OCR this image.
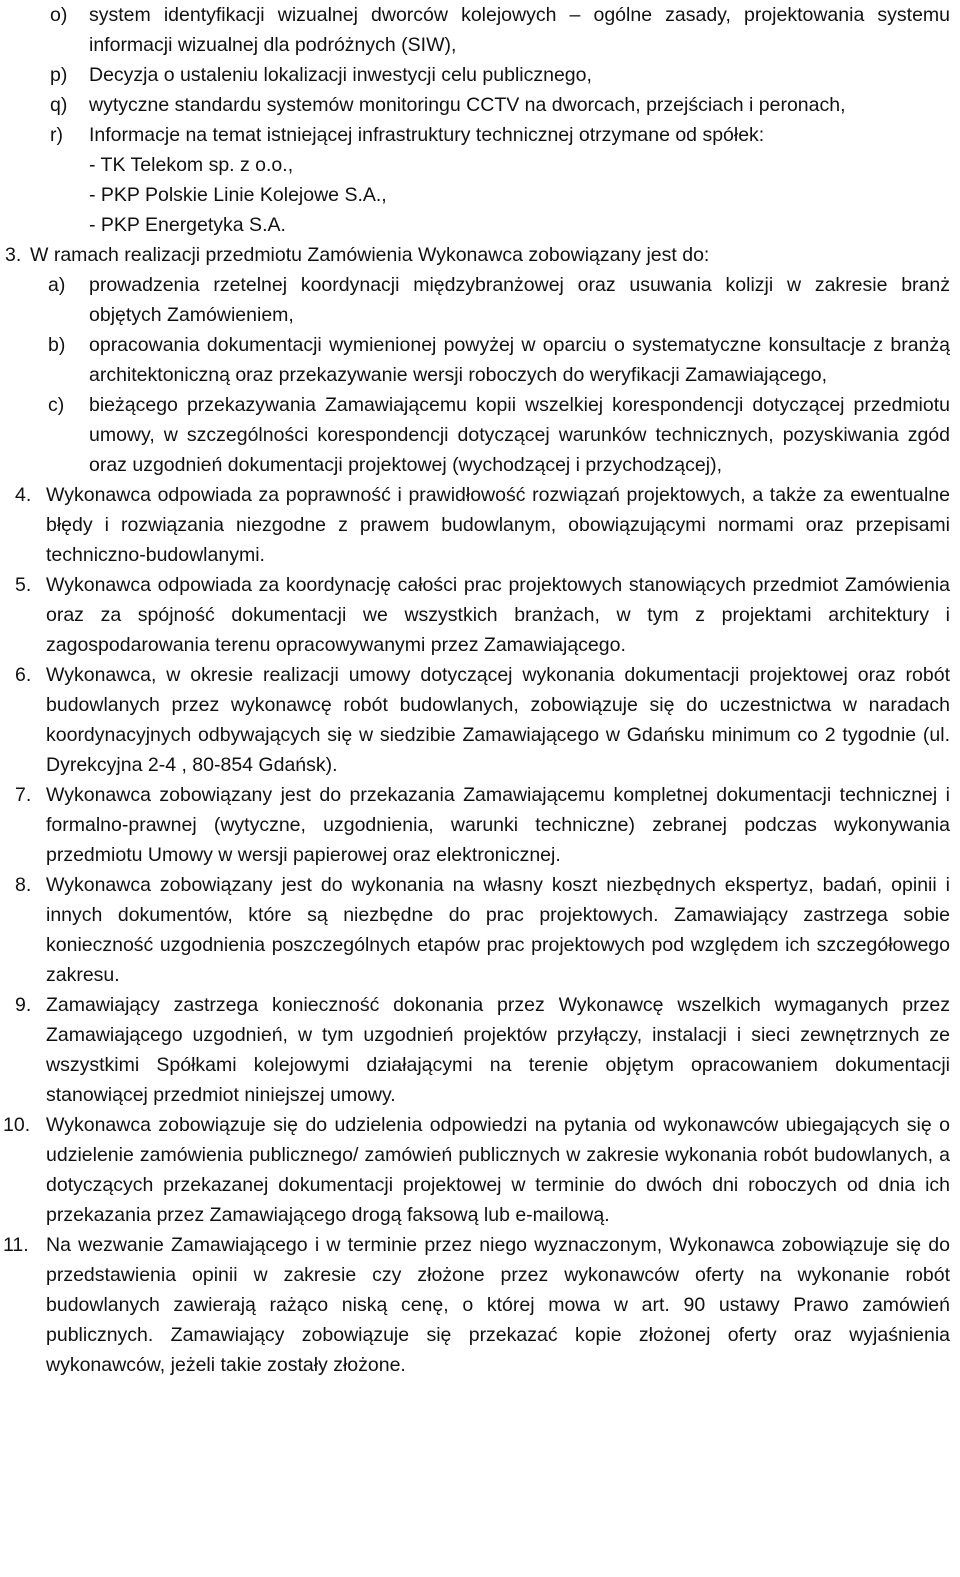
o) system identyfikacji wizualnej dworców kolejowych – ogólne zasady, projektowania systemu informacji wizualnej dla podróżnych (SIW),
p) Decyzja o ustaleniu lokalizacji inwestycji celu publicznego,
q) wytyczne standardu systemów monitoringu CCTV na dworcach, przejściach i peronach,
r) Informacje na temat istniejącej infrastruktury technicznej otrzymane od spółek:
- TK Telekom sp. z o.o.,
- PKP Polskie Linie Kolejowe S.A.,
- PKP Energetyka S.A.
3. W ramach realizacji przedmiotu Zamówienia Wykonawca zobowiązany jest do:
a) prowadzenia rzetelnej koordynacji międzybranżowej oraz usuwania kolizji w zakresie branż objętych Zamówieniem,
b) opracowania dokumentacji wymienionej powyżej w oparciu o systematyczne konsultacje z branżą architektoniczną oraz przekazywanie wersji roboczych do weryfikacji Zamawiającego,
c) bieżącego przekazywania Zamawiającemu kopii wszelkiej korespondencji dotyczącej przedmiotu umowy, w szczególności korespondencji dotyczącej warunków technicznych, pozyskiwania zgód oraz uzgodnień dokumentacji projektowej (wychodzącej i przychodzącej),
4. Wykonawca odpowiada za poprawność i prawidłowość rozwiązań projektowych, a także za ewentualne błędy i rozwiązania niezgodne z prawem budowlanym, obowiązującymi normami oraz przepisami techniczno-budowlanymi.
5. Wykonawca odpowiada za koordynację całości prac projektowych stanowiących przedmiot Zamówienia oraz za spójność dokumentacji we wszystkich branżach, w tym z projektami architektury i zagospodarowania terenu opracowywanymi przez Zamawiającego.
6. Wykonawca, w okresie realizacji umowy dotyczącej wykonania dokumentacji projektowej oraz robót budowlanych przez wykonawcę robót budowlanych, zobowiązuje się do uczestnictwa w naradach koordynacyjnych odbywających się w siedzibie Zamawiającego w Gdańsku minimum co 2 tygodnie (ul. Dyrekcyjna 2-4 , 80-854 Gdańsk).
7. Wykonawca zobowiązany jest do przekazania Zamawiającemu kompletnej dokumentacji technicznej i formalno-prawnej (wytyczne, uzgodnienia, warunki techniczne) zebranej podczas wykonywania przedmiotu Umowy w wersji papierowej oraz elektronicznej.
8. Wykonawca zobowiązany jest do wykonania na własny koszt niezbędnych ekspertyz, badań, opinii i innych dokumentów, które są niezbędne do prac projektowych. Zamawiający zastrzega sobie konieczność uzgodnienia poszczególnych etapów prac projektowych pod względem ich szczegółowego zakresu.
9. Zamawiający zastrzega konieczność dokonania przez Wykonawcę wszelkich wymaganych przez Zamawiającego uzgodnień, w tym uzgodnień projektów przyłączy, instalacji i sieci zewnętrznych ze wszystkimi Spółkami kolejowymi działającymi na terenie objętym opracowaniem dokumentacji stanowiącej przedmiot niniejszej umowy.
10. Wykonawca zobowiązuje się do udzielenia odpowiedzi na pytania od wykonawców ubiegających się o udzielenie zamówienia publicznego/ zamówień publicznych w zakresie wykonania robót budowlanych, a dotyczących przekazanej dokumentacji projektowej w terminie do dwóch dni roboczych od dnia ich przekazania przez Zamawiającego drogą faksową lub e-mailową.
11. Na wezwanie Zamawiającego i w terminie przez niego wyznaczonym, Wykonawca zobowiązuje się do przedstawienia opinii w zakresie czy złożone przez wykonawców oferty na wykonanie robót budowlanych zawierają rażąco niską cenę, o której mowa w art. 90 ustawy Prawo zamówień publicznych. Zamawiający zobowiązuje się przekazać kopie złożonej oferty oraz wyjaśnienia wykonawców, jeżeli takie zostały złożone.
